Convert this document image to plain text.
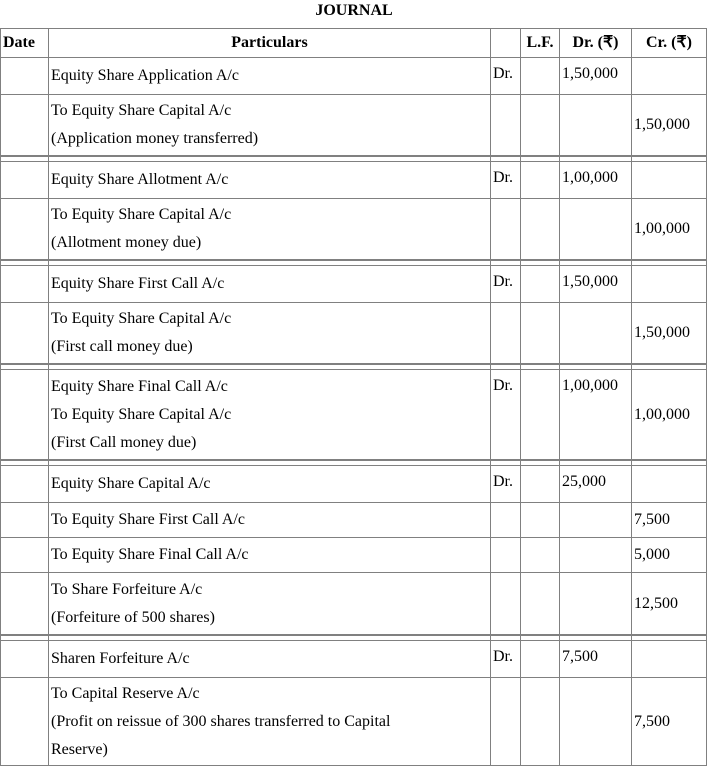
JOURNAL
Date	Particulars		L.F.	Dr. (₹)	Cr. (₹)
	Equity Share Application A/c	Dr.		1,50,000	

	To Equity Share Capital A/c
(Application money transferred)				1,50,000

	Equity Share Allotment A/c	Dr.		1,00,000	

	To Equity Share Capital A/c
(Allotment money due)				1,00,000

	Equity Share First Call A/c	Dr.		1,50,000	

	To Equity Share Capital A/c
(First call money due)				1,50,000

	Equity Share Final Call A/c
To Equity Share Capital A/c
(First Call money due)	Dr.		1,00,000	1,00,000

	Equity Share Capital A/c	Dr.		25,000	
	To Equity Share First Call A/c				7,500
	To Equity Share Final Call A/c				5,000

	To Share Forfeiture A/c
(Forfeiture of 500 shares)				12,500

	Sharen Forfeiture A/c	Dr.		7,500	

	To Capital Reserve A/c
(Profit on reissue of 300 shares transferred to Capital
Reserve)				7,500
